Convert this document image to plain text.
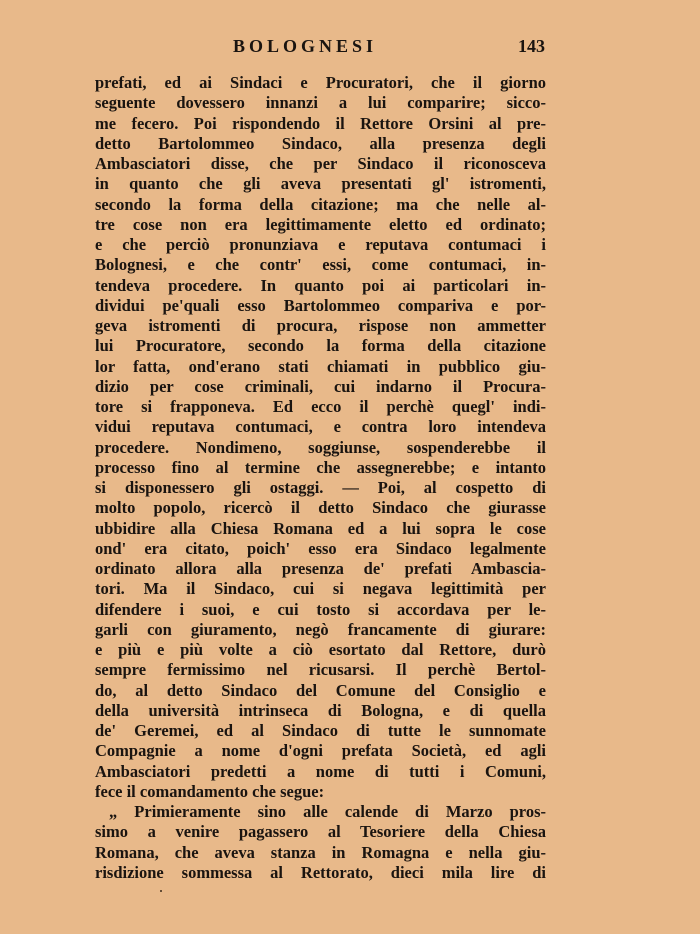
BOLOGNESI	143
prefati, ed ai Sindaci e Procuratori, che il giorno
seguente dovessero innanzi a lui comparire; sicco-
me fecero. Poi rispondendo il Rettore Orsini al pre-
detto Bartolommeo Sindaco, alla presenza degli
Ambasciatori disse, che per Sindaco il riconosceva
in quanto che gli aveva presentati gl' istromenti,
secondo la forma della citazione; ma che nelle al-
tre cose non era legittimamente eletto ed ordinato;
e che perciò pronunziava e reputava contumaci i
Bolognesi, e che contr' essi, come contumaci, in-
tendeva procedere. In quanto poi ai particolari in-
dividui pe'quali esso Bartolommeo compariva e por-
geva istromenti di procura, rispose non ammetter
lui Procuratore, secondo la forma della citazione
lor fatta, ond'erano stati chiamati in pubblico giu-
dizio per cose criminali, cui indarno il Procura-
tore si frapponeva. Ed ecco il perchè quegl' indi-
vidui reputava contumaci, e contra loro intendeva
procedere. Nondimeno, soggiunse, sospenderebbe il
processo fino al termine che assegnerebbe; e intanto
si disponessero gli ostaggi. — Poi, al cospetto di
molto popolo, ricercò il detto Sindaco che giurasse
ubbidire alla Chiesa Romana ed a lui sopra le cose
ond' era citato, poich' esso era Sindaco legalmente
ordinato allora alla presenza de' prefati Ambascia-
tori. Ma il Sindaco, cui si negava legittimità per
difendere i suoi, e cui tosto si accordava per le-
garli con giuramento, negò francamente di giurare:
e più e più volte a ciò esortato dal Rettore, durò
sempre fermissimo nel ricusarsi. Il perchè Bertol-
do, al detto Sindaco del Comune del Consiglio e
della università intrinseca di Bologna, e di quella
de' Geremei, ed al Sindaco di tutte le sunnomate
Compagnie a nome d'ogni prefata Società, ed agli
Ambasciatori predetti a nome di tutti i Comuni,
fece il comandamento che segue:
„ Primieramente sino alle calende di Marzo pros-
simo a venire pagassero al Tesoriere della Chiesa
Romana, che aveva stanza in Romagna e nella giu-
risdizione sommessa al Rettorato, dieci mila lire di
